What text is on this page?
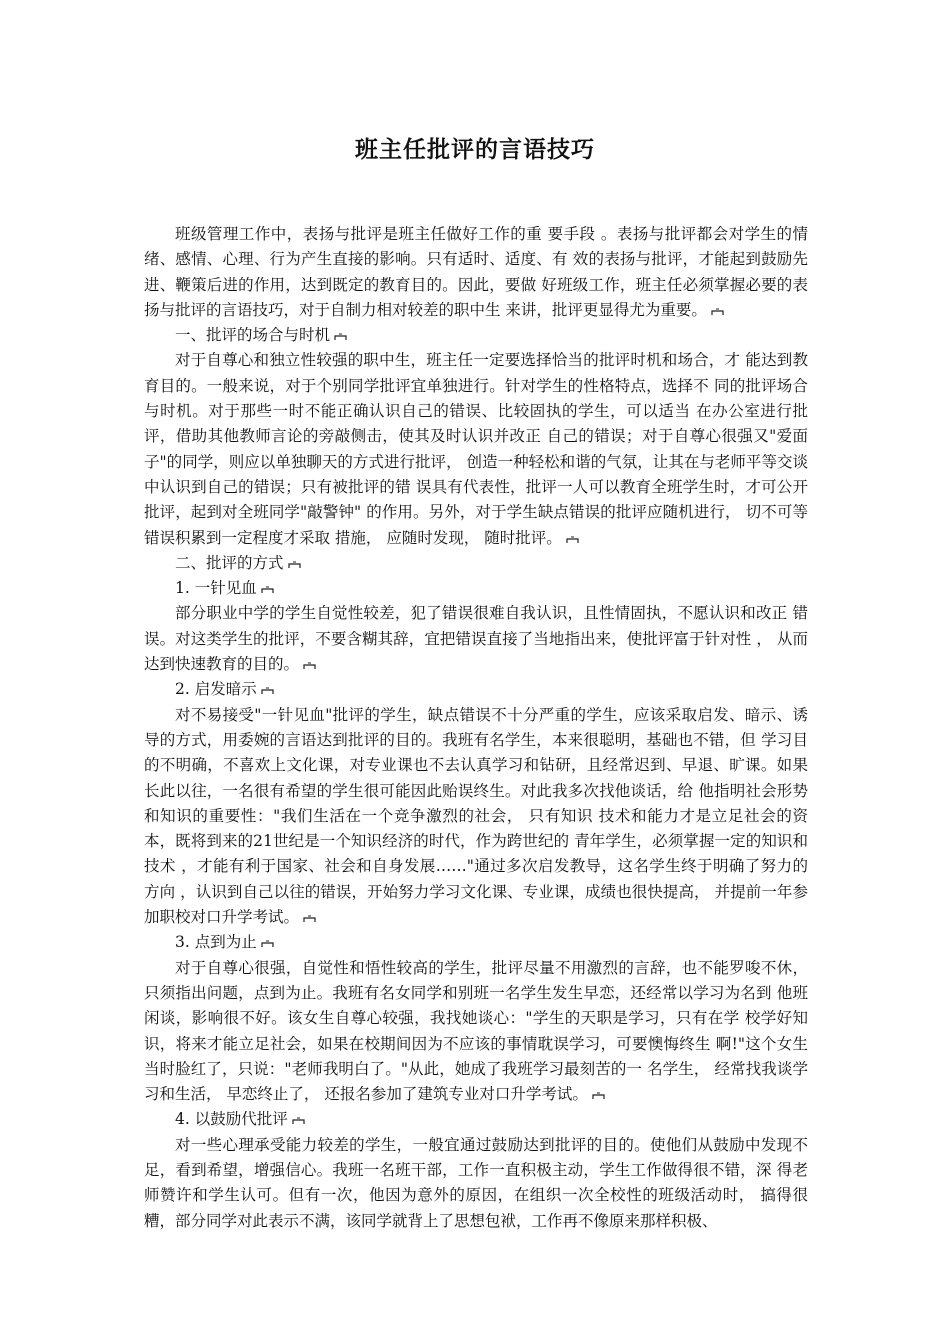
班主任批评的言语技巧

班级管理工作中，表扬与批评是班主任做好工作的重 要手段 。表扬与批评都会对学生的情绪、感情、心理、行为产生直接的影响。只有适时、适度、有 效的表扬与批评，才能起到鼓励先进、鞭策后进的作用，达到既定的教育目的。因此，要做 好班级工作，班主任必须掌握必要的表扬与批评的言语技巧，对于自制力相对较差的职中生 来讲，批评更显得尤为重要。

一、批评的场合与时机

对于自尊心和独立性较强的职中生，班主任一定要选择恰当的批评时机和场合，才 能达到教育目的。一般来说，对于个别同学批评宜单独进行。针对学生的性格特点，选择不 同的批评场合与时机。对于那些一时不能正确认识自己的错误、比较固执的学生，可以适当 在办公室进行批评，借助其他教师言论的旁敲侧击，使其及时认识并改正 自己的错误；对于自尊心很强又"爱面子"的同学，则应以单独聊天的方式进行批评， 创造一种轻松和谐的气氛，让其在与老师平等交谈中认识到自己的错误；只有被批评的错 误具有代表性，批评一人可以教育全班学生时，才可公开批评，起到对全班同学"敲警钟" 的作用。另外，对于学生缺点错误的批评应随机进行， 切不可等错误积累到一定程度才采取 措施， 应随时发现， 随时批评。

二、批评的方式

1. 一针见血

部分职业中学的学生自觉性较差，犯了错误很难自我认识，且性情固执，不愿认识和改正 错误。对这类学生的批评，不要含糊其辞，宜把错误直接了当地指出来，使批评富于针对性 ， 从而达到快速教育的目的。

2. 启发暗示

对不易接受"一针见血"批评的学生，缺点错误不十分严重的学生，应该采取启发、暗示、诱导的方式，用委婉的言语达到批评的目的。我班有名学生，本来很聪明，基础也不错，但 学习目的不明确，不喜欢上文化课，对专业课也不去认真学习和钻研，且经常迟到、早退、旷课。如果长此以往，一名很有希望的学生很可能因此贻误终生。对此我多次找他谈话，给 他指明社会形势和知识的重要性："我们生活在一个竞争激烈的社会， 只有知识 技术和能力才是立足社会的资本，既将到来的21世纪是一个知识经济的时代，作为跨世纪的 青年学生，必须掌握一定的知识和技术 ，才能有利于国家、社会和自身发展……"通过多次启发教导，这名学生终于明确了努力的 方向 ，认识到自己以往的错误，开始努力学习文化课、专业课，成绩也很快提高， 并提前一年参 加职校对口升学考试。

3. 点到为止

对于自尊心很强，自觉性和悟性较高的学生，批评尽量不用激烈的言辞，也不能罗唆不休， 只须指出问题，点到为止。我班有名女同学和别班一名学生发生早恋，还经常以学习为名到 他班闲谈，影响很不好。该女生自尊心较强，我找她谈心："学生的天职是学习，只有在学 校学好知识，将来才能立足社会，如果在校期间因为不应该的事情耽误学习，可要懊悔终生 啊!"这个女生当时脸红了，只说："老师我明白了。"从此，她成了我班学习最刻苦的一 名学生， 经常找我谈学习和生活， 早恋终止了， 还报名参加了建筑专业对口升学考试。

4. 以鼓励代批评

对一些心理承受能力较差的学生，一般宜通过鼓励达到批评的目的。使他们从鼓励中发现不 足，看到希望，增强信心。我班一名班干部，工作一直积极主动，学生工作做得很不错，深 得老师赞许和学生认可。但有一次，他因为意外的原因，在组织一次全校性的班级活动时， 搞得很糟，部分同学对此表示不满，该同学就背上了思想包袱，工作再不像原来那样积极、
